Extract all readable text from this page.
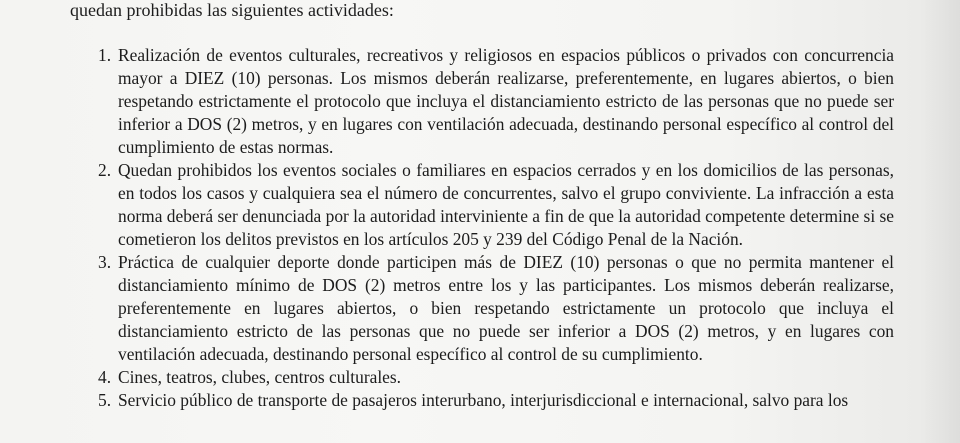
quedan prohibidas las siguientes actividades:

1. Realización de eventos culturales, recreativos y religiosos en espacios públicos o privados con concurrencia mayor a DIEZ (10) personas. Los mismos deberán realizarse, preferentemente, en lugares abiertos, o bien respetando estrictamente el protocolo que incluya el distanciamiento estricto de las personas que no puede ser inferior a DOS (2) metros, y en lugares con ventilación adecuada, destinando personal específico al control del cumplimiento de estas normas.
2. Quedan prohibidos los eventos sociales o familiares en espacios cerrados y en los domicilios de las personas, en todos los casos y cualquiera sea el número de concurrentes, salvo el grupo conviviente. La infracción a esta norma deberá ser denunciada por la autoridad interviniente a fin de que la autoridad competente determine si se cometieron los delitos previstos en los artículos 205 y 239 del Código Penal de la Nación.
3. Práctica de cualquier deporte donde participen más de DIEZ (10) personas o que no permita mantener el distanciamiento mínimo de DOS (2) metros entre los y las participantes. Los mismos deberán realizarse, preferentemente en lugares abiertos, o bien respetando estrictamente un protocolo que incluya el distanciamiento estricto de las personas que no puede ser inferior a DOS (2) metros, y en lugares con ventilación adecuada, destinando personal específico al control de su cumplimiento.
4. Cines, teatros, clubes, centros culturales.
5. Servicio público de transporte de pasajeros interurbano, interjurisdiccional e internacional, salvo para los
